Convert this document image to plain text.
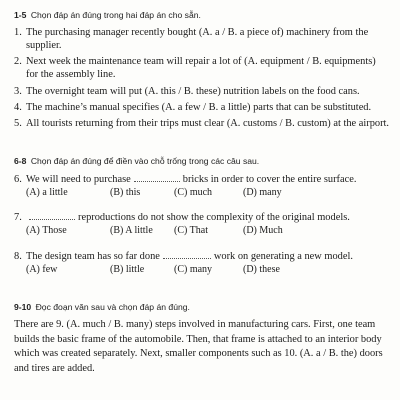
1-5 Chọn đáp án đúng trong hai đáp án cho sẵn.
1. The purchasing manager recently bought (A. a / B. a piece of) machinery from the
supplier.
2. Next week the maintenance team will repair a lot of (A. equipment / B. equipments)
for the assembly line.
3. The overnight team will put (A. this / B. these) nutrition labels on the food cans.
4. The machine’s manual specifies (A. a few / B. a little) parts that can be substituted.
5. All tourists returning from their trips must clear (A. customs / B. custom) at the airport.
6-8 Chọn đáp án đúng để điền vào chỗ trống trong các câu sau.
6. We will need to purchase	bricks in order to cover the entire surface.
(A) a little	(B) this	(C) much	(D) many
7.	reproductions do not show the complexity of the original models.
(A) Those	(B) A little (C) That	(D) Much
8. The design team has so far done	work on generating a new model.
(A) few	(B) little	(C) many	(D) these
9-10 Đọc đoạn văn sau và chọn đáp án đúng.
There are 9. (A. much / B. many) steps involved in manufacturing cars. First, one team
builds the basic frame of the automobile. Then, that frame is attached to an interior body
which was created separately. Next, smaller components such as 10. (A. a / B. the) doors
and tires are added.
